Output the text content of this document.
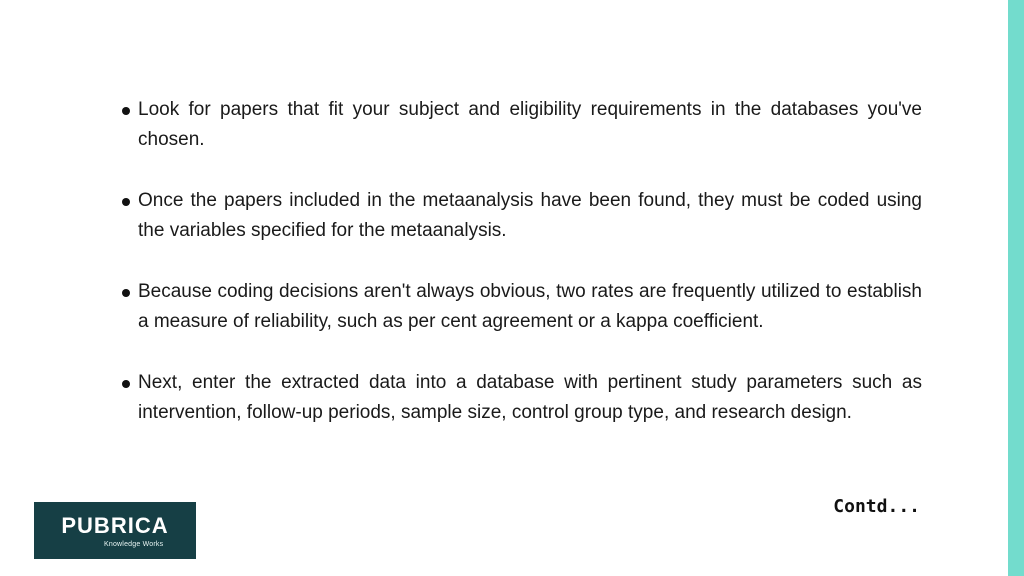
Look for papers that fit your subject and eligibility requirements in the databases you've chosen.
Once the papers included in the metaanalysis have been found, they must be coded using the variables specified for the metaanalysis.
Because coding decisions aren't always obvious, two rates are frequently utilized to establish a measure of reliability, such as per cent agreement or a kappa coefficient.
Next, enter the extracted data into a database with pertinent study parameters such as intervention, follow-up periods, sample size, control group type, and research design.
Contd...
PUBRICA
Knowledge Works
